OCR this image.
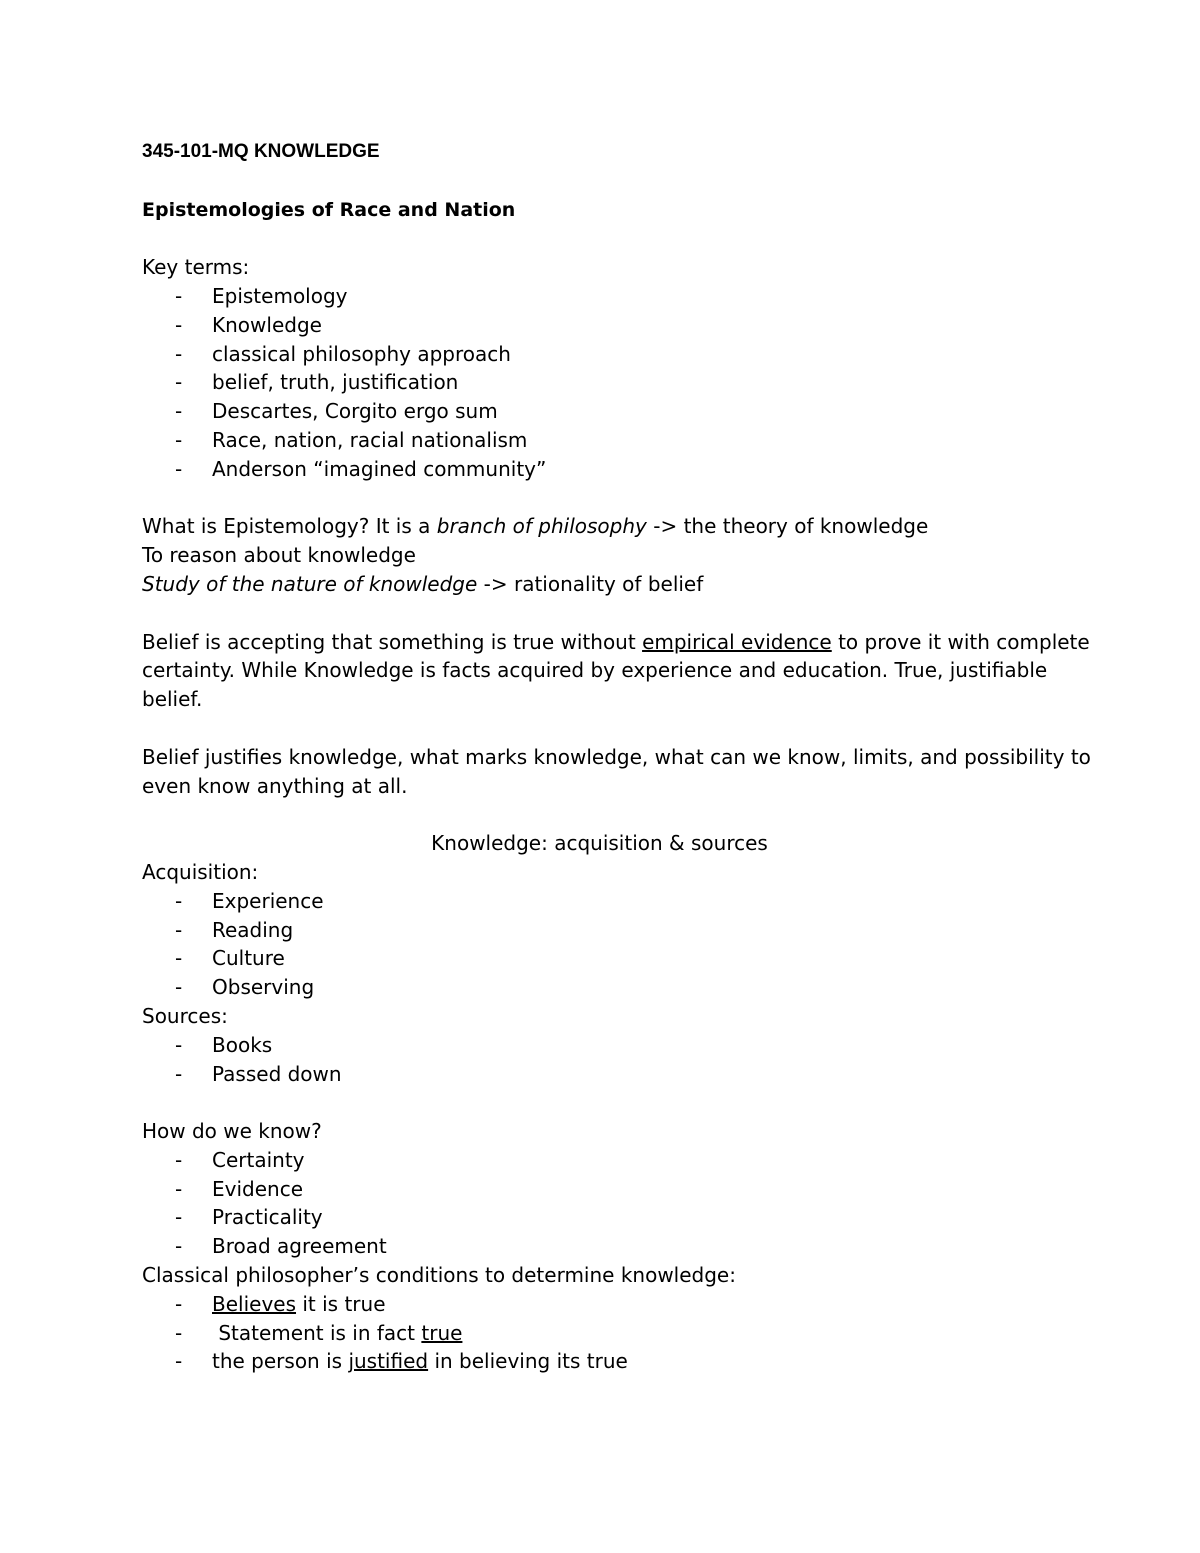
345-101-MQ KNOWLEDGE
Epistemologies of Race and Nation
Key terms:
- Epistemology
- Knowledge
- classical philosophy approach
- belief, truth, justification
- Descartes, Corgito ergo sum
- Race, nation, racial nationalism
- Anderson “imagined community”
What is Epistemology? It is a branch of philosophy -> the theory of knowledge
To reason about knowledge
Study of the nature of knowledge -> rationality of belief
Belief is accepting that something is true without empirical evidence to prove it with complete
certainty. While Knowledge is facts acquired by experience and education. True, justifiable
belief.
Belief justifies knowledge, what marks knowledge, what can we know, limits, and possibility to
even know anything at all.
Knowledge: acquisition & sources
Acquisition:
- Experience
- Reading
- Culture
- Observing
Sources:
- Books
- Passed down
How do we know?
- Certainty
- Evidence
- Practicality
- Broad agreement
Classical philosopher’s conditions to determine knowledge:
- Believes it is true
- Statement is in fact true
- the person is justified in believing its true
